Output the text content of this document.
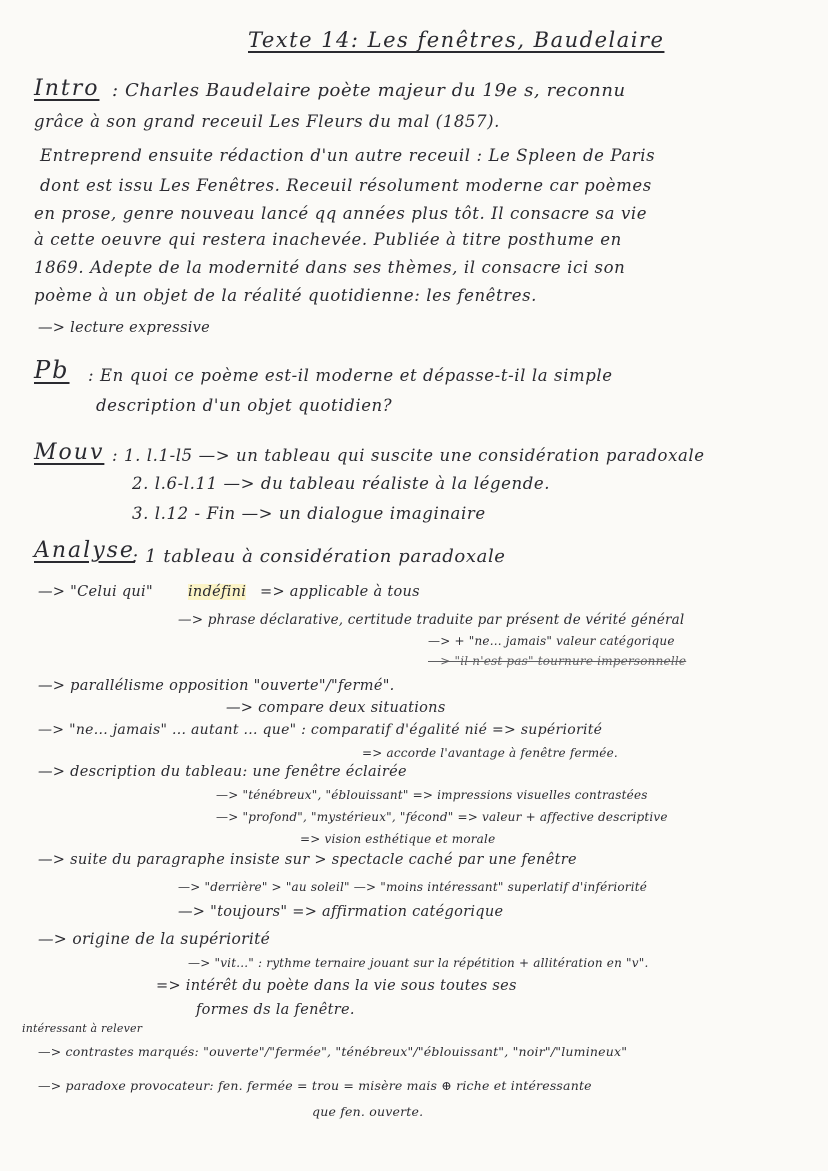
Texte 14: Les fenêtres, Baudelaire
Intro : Charles Baudelaire poète majeur du 19e s, reconnu
grâce à son grand receuil Les Fleurs du mal (1857).
Entreprend ensuite rédaction d'un autre receuil : Le Spleen de Paris
dont est issu Les Fenêtres. Receuil résolument moderne car poèmes
en prose, genre nouveau lancé qq années plus tôt. Il consacre sa vie
à cette oeuvre qui restera inachevée. Publiée à titre posthume en
1869. Adepte de la modernité dans ses thèmes, il consacre ici son
poème à un objet de la réalité quotidienne: les fenêtres.
—> lecture expressive
Pb : En quoi ce poème est-il moderne et dépasse-t-il la simple
description d'un objet quotidien?
Mouv : 1. l.1-l5 —> un tableau qui suscite une considération paradoxale
2. l.6-l.11 —> du tableau réaliste à la légende.
3. l.12 - Fin —> un dialogue imaginaire
Analyse
: 1 tableau à considération paradoxale
—> "Celui qui" indéfini => applicable à tous
—> phrase déclarative, certitude traduite par présent de vérité général
—> + "ne... jamais" valeur catégorique
—> "il n'est pas" tournure impersonnelle
—> parallélisme opposition "ouverte"/"fermé".
—> compare deux situations
—> "ne... jamais" ... autant ... que" : comparatif d'égalité nié => supériorité
=> accorde l'avantage à fenêtre fermée.
—> description du tableau: une fenêtre éclairée
—> "ténébreux", "éblouissant" => impressions visuelles contrastées
—> "profond", "mystérieux", "fécond" => valeur + affective descriptive
=> vision esthétique et morale
—> suite du paragraphe insiste sur > spectacle caché par une fenêtre
—> "derrière" > "au soleil" —> "moins intéressant" superlatif d'infériorité
—> "toujours" => affirmation catégorique
—> origine de la supériorité
—> "vit..." : rythme ternaire jouant sur la répétition + allitération en "v".
=> intérêt du poète dans la vie sous toutes ses
formes ds la fenêtre.
intéressant à relever
—> contrastes marqués: "ouverte"/"fermée", "ténébreux"/"éblouissant", "noir"/"lumineux"
—> paradoxe provocateur: fen. fermée = trou = misère mais ⊕ riche et intéressante
que fen. ouverte.
